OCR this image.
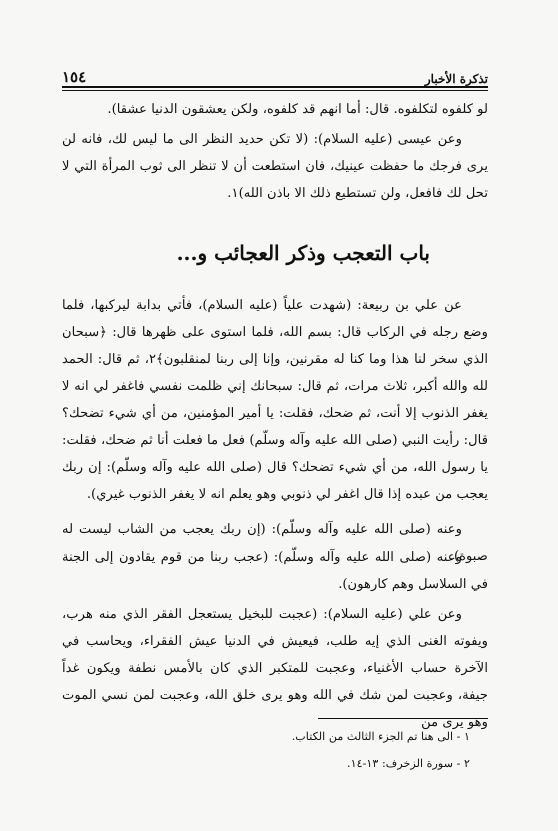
تذكرة الأخبار
١٥٤
لو كلفوه لتكلفوه. قال: أما انهم قد كلفوه، ولكن يعشقون الدنيا عشقا).
وعن عيسى (عليه السلام): (لا تكن حديد النظر الى ما ليس لك، فانه لن يرى فرجك ما حفظت عينيك، فان استطعت أن لا تنظر الى ثوب المرأة التي لا تحل لك فافعل، ولن تستطيع ذلك الا باذن الله)١.
باب التعجب وذكر العجائب و...
عن علي بن ربيعة: (شهدت علياً (عليه السلام)، فأتي بدابة ليركبها، فلما وضع رجله في الركاب قال: بسم الله، فلما استوى على ظهرها قال: ﴿سبحان الذي سخر لنا هذا وما كنا له مقرنين، وإنا إلى ربنا لمنقلبون﴾٢، ثم قال: الحمد لله والله أكبر، ثلاث مرات، ثم قال: سبحانك إني ظلمت نفسي فاغفر لي انه لا يغفر الذنوب إلا أنت، ثم ضحك، فقلت: يا أمير المؤمنين، من أي شيء تضحك؟ قال: رأيت النبي (صلى الله عليه وآله وسلّم) فعل ما فعلت أنا ثم ضحك، فقلت: يا رسول الله، من أي شيء تضحك؟ قال (صلى الله عليه وآله وسلّم): إن ربك يعجب من عبده إذا قال اغفر لي ذنوبي وهو يعلم انه لا يغفر الذنوب غيري).
وعنه (صلى الله عليه وآله وسلّم): (إن ربك يعجب من الشاب ليست له صبوة).
وعنه (صلى الله عليه وآله وسلّم): (عجب ربنا من قوم يقادون إلى الجنة في السلاسل وهم كارهون).
وعن علي (عليه السلام): (عجبت للبخيل يستعجل الفقر الذي منه هرب، ويفوته الغنى الذي إيه طلب، فيعيش في الدنيا عيش الفقراء، ويحاسب في الآخرة حساب الأغنياء، وعجبت للمتكبر الذي كان بالأمس نطفة ويكون غداً جيفة، وعجبت لمن شك في الله وهو يرى خلق الله، وعجبت لمن نسي الموت وهو يرى من
١ - الى هنا تم الجزء الثالث من الكتاب.
٢ - سورة الزخرف: ١٣-١٤.
